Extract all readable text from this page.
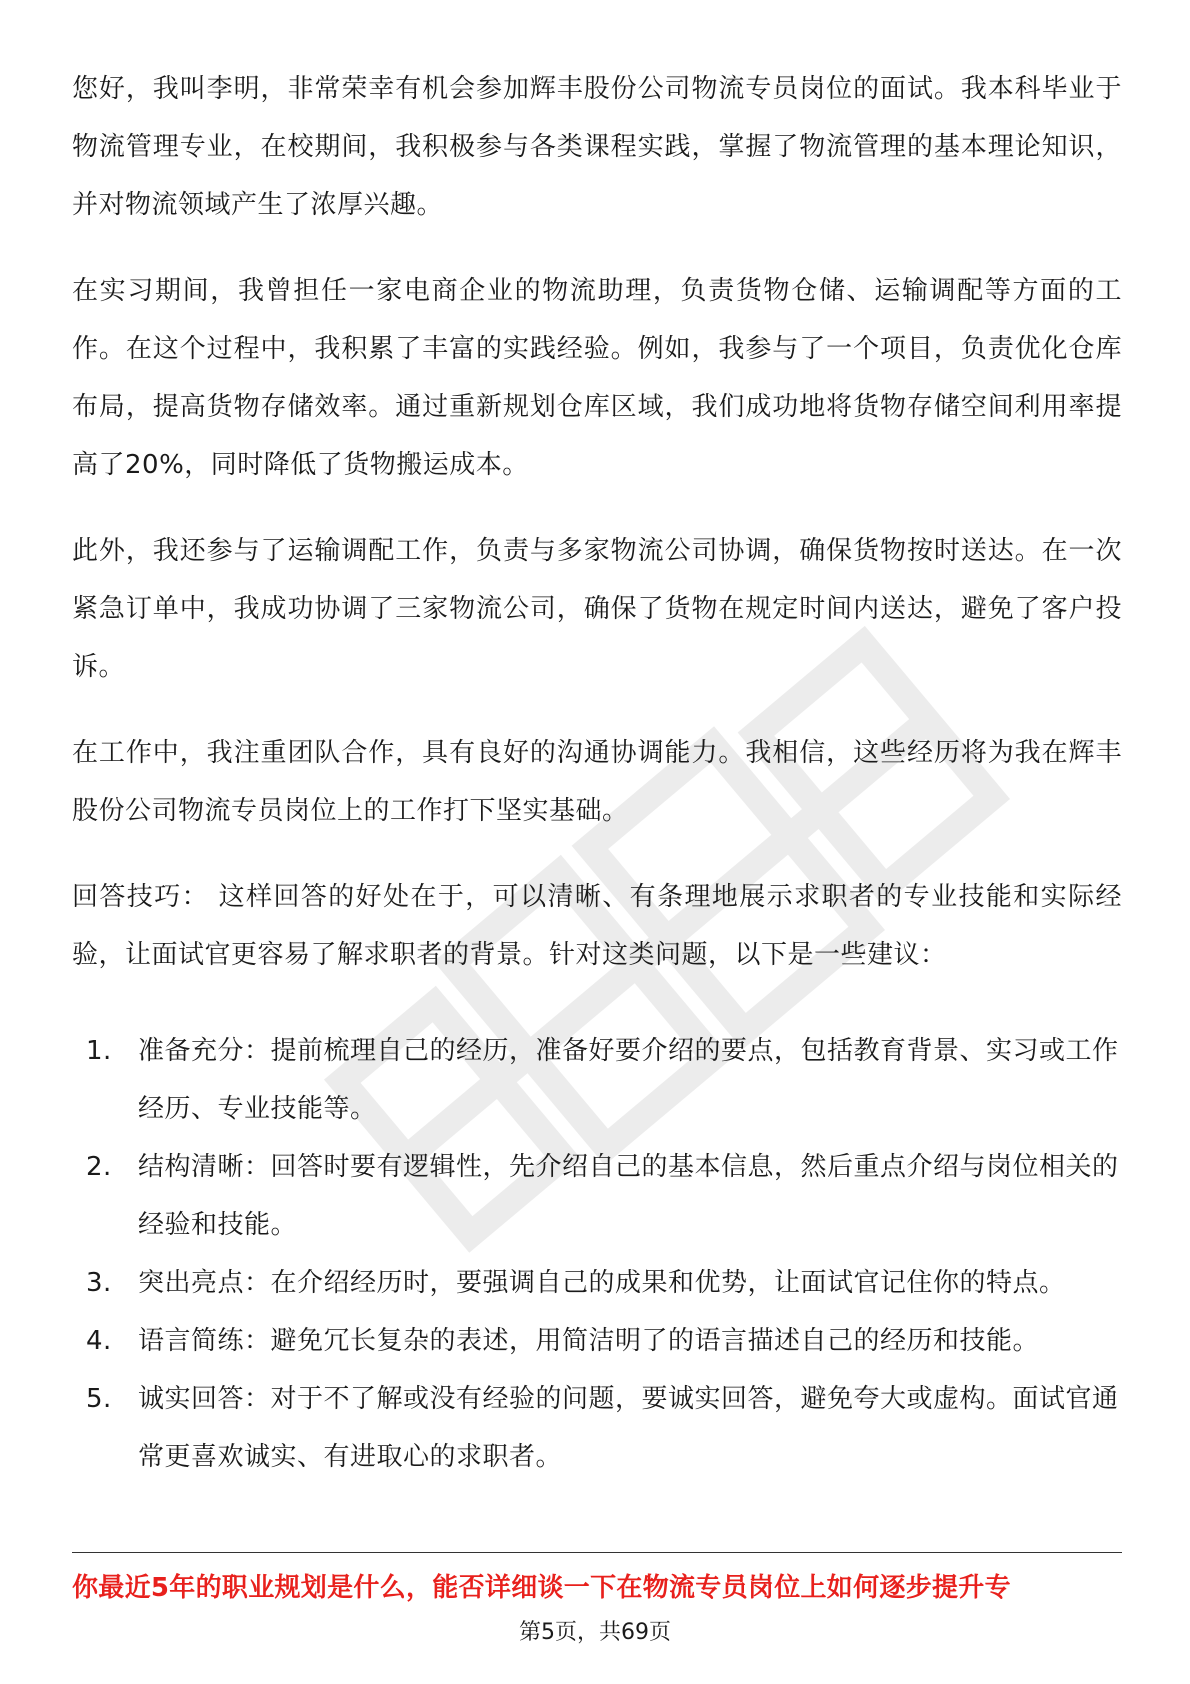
您好，我叫李明，非常荣幸有机会参加辉丰股份公司物流专员岗位的面试。我本科毕业于物流管理专业，在校期间，我积极参与各类课程实践，掌握了物流管理的基本理论知识，并对物流领域产生了浓厚兴趣。

在实习期间，我曾担任一家电商企业的物流助理，负责货物仓储、运输调配等方面的工作。在这个过程中，我积累了丰富的实践经验。例如，我参与了一个项目，负责优化仓库布局，提高货物存储效率。通过重新规划仓库区域，我们成功地将货物存储空间利用率提高了20%，同时降低了货物搬运成本。

此外，我还参与了运输调配工作，负责与多家物流公司协调，确保货物按时送达。在一次紧急订单中，我成功协调了三家物流公司，确保了货物在规定时间内送达，避免了客户投诉。

在工作中，我注重团队合作，具有良好的沟通协调能力。我相信，这些经历将为我在辉丰股份公司物流专员岗位上的工作打下坚实基础。

回答技巧： 这样回答的好处在于，可以清晰、有条理地展示求职者的专业技能和实际经验，让面试官更容易了解求职者的背景。针对这类问题，以下是一些建议：

1.	准备充分：提前梳理自己的经历，准备好要介绍的要点，包括教育背景、实习或工作经历、专业技能等。
2.	结构清晰：回答时要有逻辑性，先介绍自己的基本信息，然后重点介绍与岗位相关的经验和技能。
3.	突出亮点：在介绍经历时，要强调自己的成果和优势，让面试官记住你的特点。
4.	语言简练：避免冗长复杂的表述，用简洁明了的语言描述自己的经历和技能。
5.	诚实回答：对于不了解或没有经验的问题，要诚实回答，避免夸大或虚构。面试官通常更喜欢诚实、有进取心的求职者。
你最近5年的职业规划是什么，能否详细谈一下在物流专员岗位上如何逐步提升专
第5页，共69页
